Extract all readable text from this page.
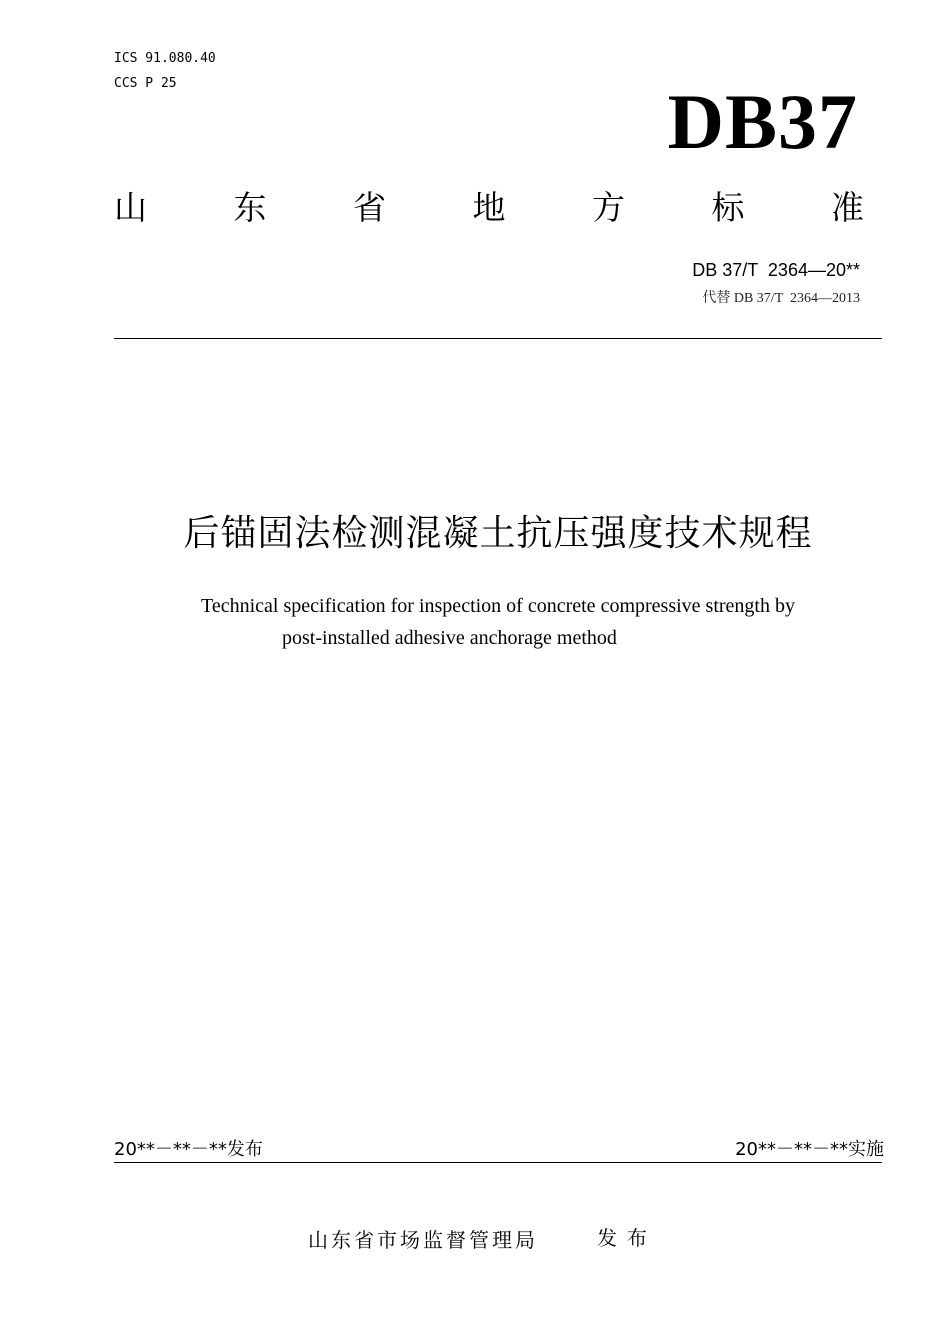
ICS 91.080.40
CCS P 25	DB37
山	东	省	地	方	标	准
DB 37/T  2364—20**
代替 DB 37/T  2364—2013
后锚固法检测混凝土抗压强度技术规程
Technical specification for inspection of concrete compressive strength by
post-installed adhesive anchorage method
20**－**－**发布	20**－**－**实施
山东省市场监督管理局	发布
